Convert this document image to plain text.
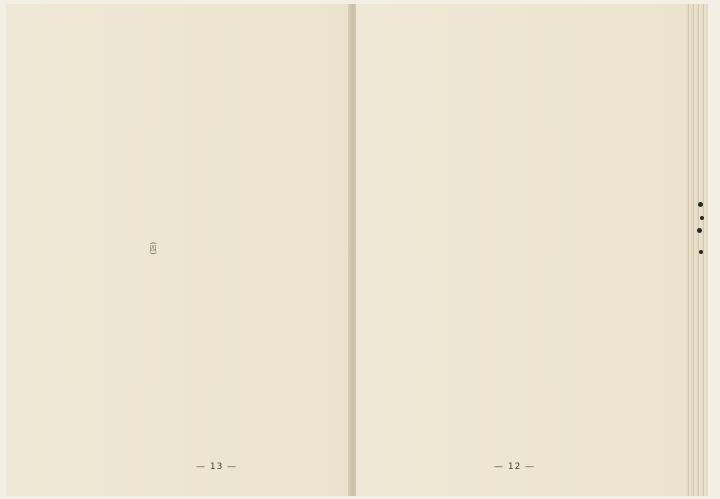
(四)
— 13 —	— 12 —
